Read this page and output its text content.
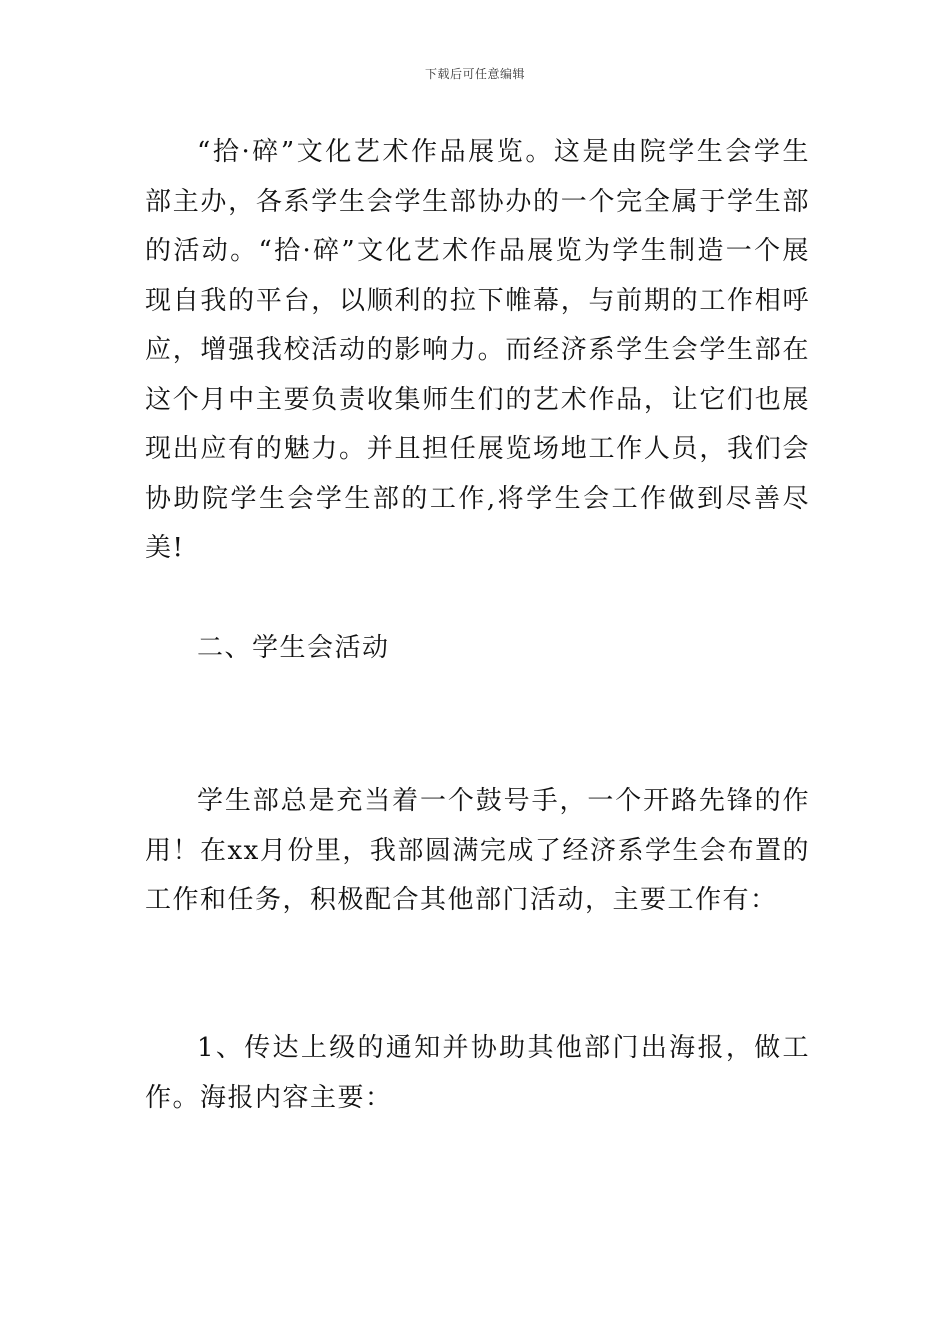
下载后可任意编辑

“拾·碎”文化艺术作品展览。这是由院学生会学生部主办，各系学生会学生部协办的一个完全属于学生部的活动。“拾·碎”文化艺术作品展览为学生制造一个展现自我的平台，以顺利的拉下帷幕，与前期的工作相呼应，增强我校活动的影响力。而经济系学生会学生部在这个月中主要负责收集师生们的艺术作品，让它们也展现出应有的魅力。并且担任展览场地工作人员，我们会协助院学生会学生部的工作,将学生会工作做到尽善尽美!

二、学生会活动

学生部总是充当着一个鼓号手，一个开路先锋的作用！在xx月份里，我部圆满完成了经济系学生会布置的工作和任务，积极配合其他部门活动，主要工作有：

1、传达上级的通知并协助其他部门出海报，做工作。海报内容主要：
